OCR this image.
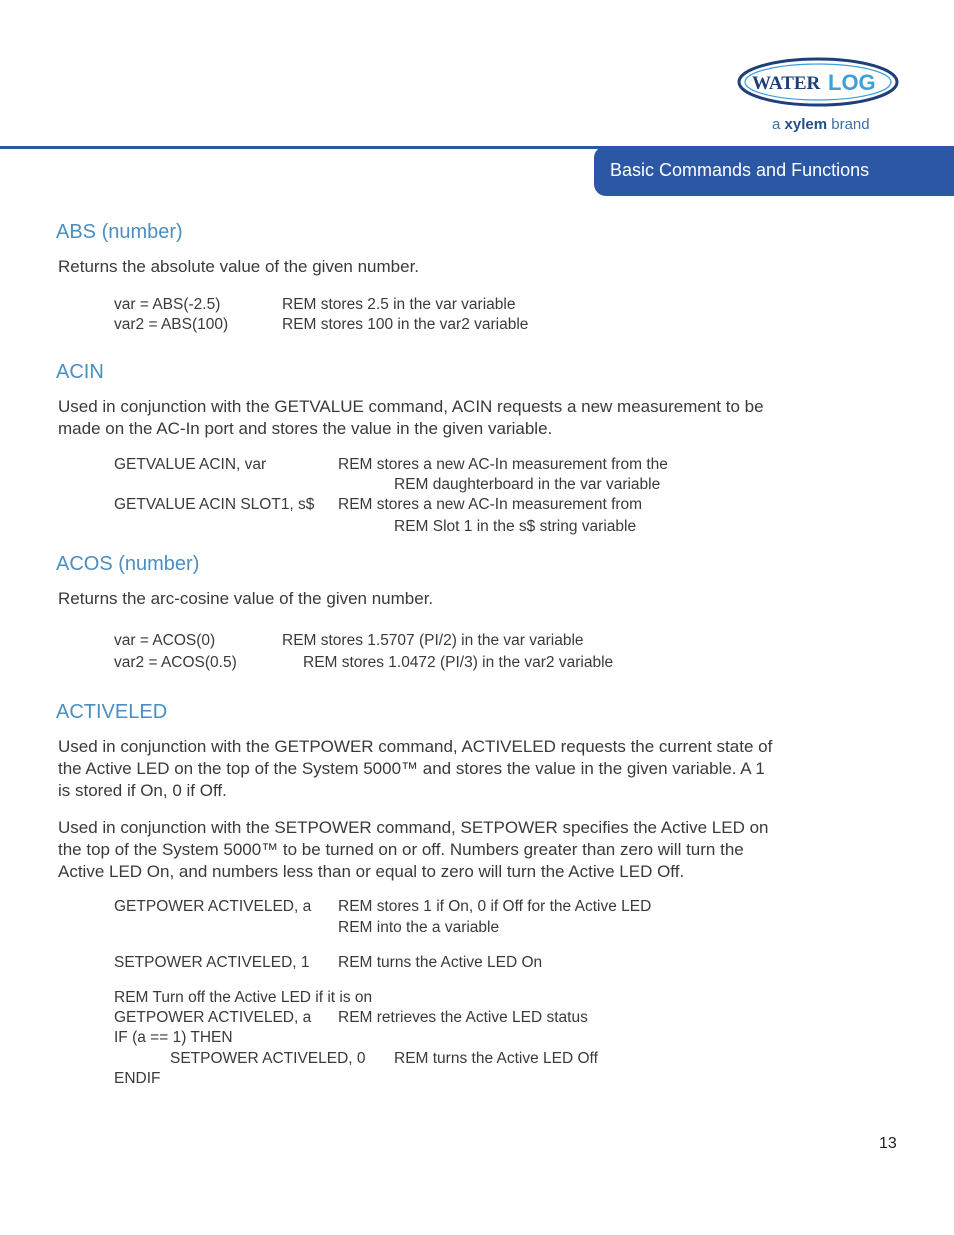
WATER LOG
a xylem brand
Basic Commands and Functions
ABS (number)
Returns the absolute value of the given number.
var = ABS(-2.5)	REM stores 2.5 in the var variable
var2 = ABS(100)	REM stores 100 in the var2 variable
ACIN
Used in conjunction with the GETVALUE command, ACIN requests a new measurement to be
made on the AC-In port and stores the value in the given variable.
GETVALUE ACIN, var	REM stores a new AC-In measurement from the
REM daughterboard in the var variable
GETVALUE ACIN SLOT1, s$ REM stores a new AC-In measurement from
REM Slot 1 in the s$ string variable
ACOS (number)
Returns the arc-cosine value of the given number.
var = ACOS(0)	REM stores 1.5707 (PI/2) in the var variable
var2 = ACOS(0.5)	REM stores 1.0472 (PI/3) in the var2 variable
ACTIVELED
Used in conjunction with the GETPOWER command, ACTIVELED requests the current state of
the Active LED on the top of the System 5000™ and stores the value in the given variable. A 1
is stored if On, 0 if Off.
Used in conjunction with the SETPOWER command, SETPOWER specifies the Active LED on
the top of the System 5000™ to be turned on or off. Numbers greater than zero will turn the
Active LED On, and numbers less than or equal to zero will turn the Active LED Off.
GETPOWER ACTIVELED, a REM stores 1 if On, 0 if Off for the Active LED
REM into the a variable
SETPOWER ACTIVELED, 1 REM turns the Active LED On
REM Turn off the Active LED if it is on
GETPOWER ACTIVELED, a REM retrieves the Active LED status
IF (a == 1) THEN
SETPOWER ACTIVELED, 0 REM turns the Active LED Off
ENDIF
13
